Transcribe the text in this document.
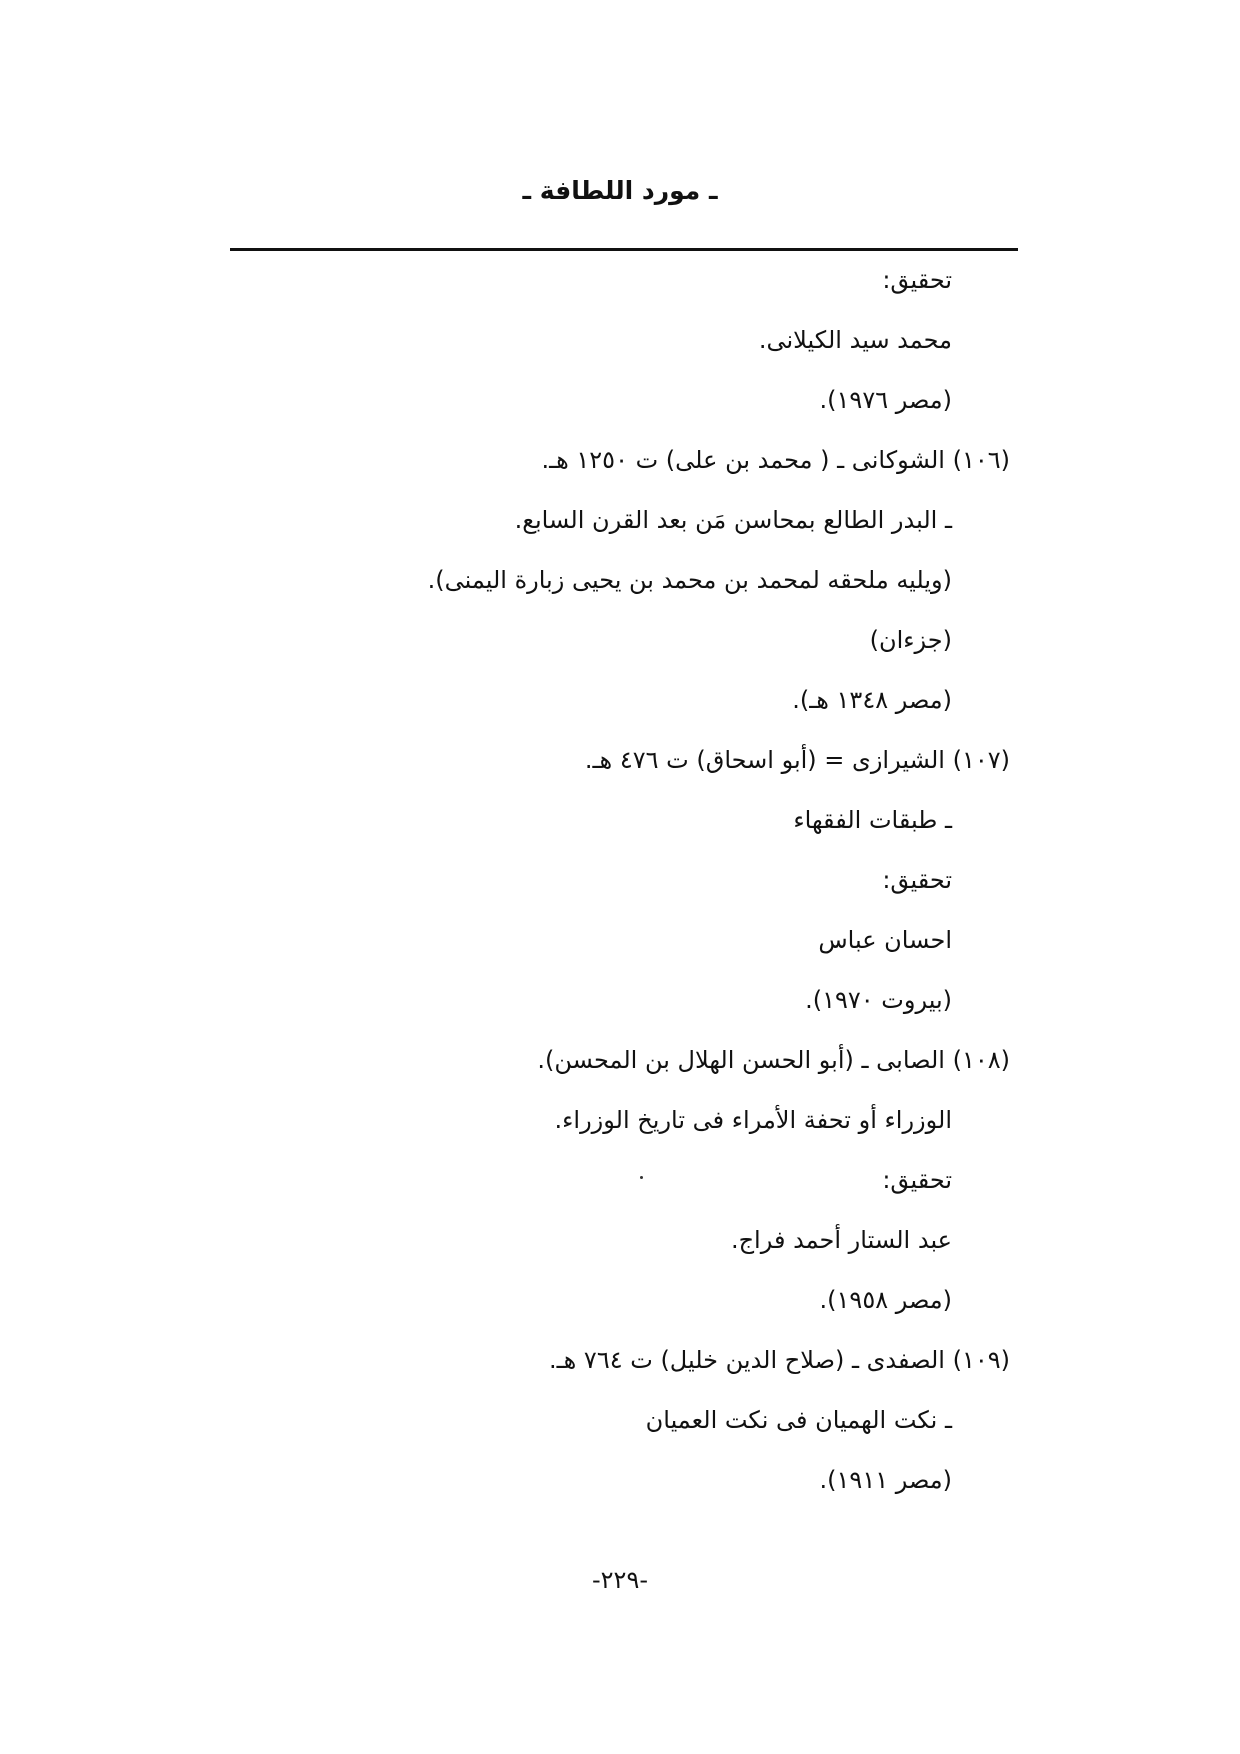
ـ مورد اللطافة ـ
تحقيق:
محمد سيد الكيلانى.
(مصر ١٩٧٦).
(١٠٦) الشوكانى ـ ( محمد بن على) ت ١٢٥٠ هـ.
ـ البدر الطالع بمحاسن مَن بعد القرن السابع.
(ويليه ملحقه لمحمد بن محمد بن يحيى زبارة اليمنى).
(جزءان)
(مصر ١٣٤٨ هـ).
(١٠٧) الشيرازى = (أبو اسحاق) ت ٤٧٦ هـ.
ـ طبقات الفقهاء
تحقيق:
احسان عباس
(بيروت ١٩٧٠).
(١٠٨) الصابى ـ (أبو الحسن الهلال بن المحسن).
الوزراء أو تحفة الأمراء فى تاريخ الوزراء.
تحقيق:
عبد الستار أحمد فراج.
(مصر ١٩٥٨).
(١٠٩) الصفدى ـ (صلاح الدين خليل) ت ٧٦٤ هـ.
ـ نكت الهميان فى نكت العميان
(مصر ١٩١١).
-٢٢٩-
